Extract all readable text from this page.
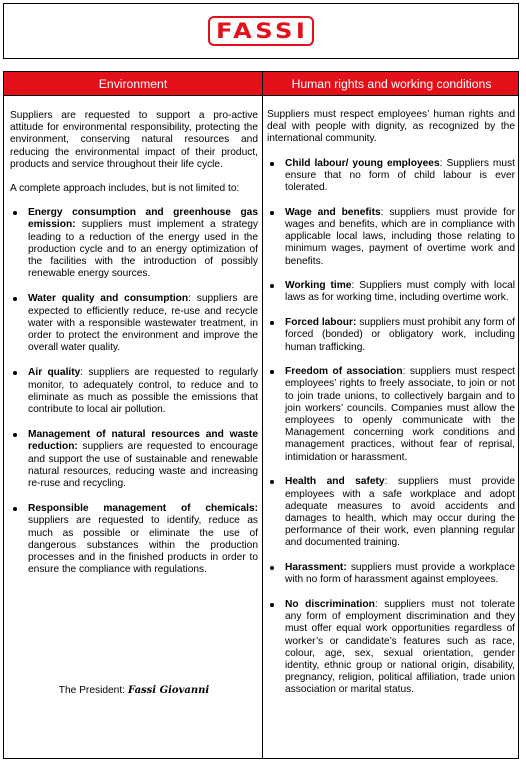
FASSI
Environment	Human rights and working conditions

Suppliers are requested to support a pro-active attitude for environmental responsibility, protecting the environment, conserving natural resources and reducing the environmental impact of their product, products and service throughout their life cycle.

A complete approach includes, but is not limited to:

Energy consumption and greenhouse gas emission: suppliers must implement a strategy leading to a reduction of the energy used in the production cycle and to an energy optimization of the facilities with the introduction of possibly renewable energy sources.
Water quality and consumption: suppliers are expected to efficiently reduce, re-use and recycle water with a responsible wastewater treatment, in order to protect the environment and improve the overall water quality.
Air quality: suppliers are requested to regularly monitor, to adequately control, to reduce and to eliminate as much as possible the emissions that contribute to local air pollution.
Management of natural resources and waste reduction: suppliers are requested to encourage and support the use of sustainable and renewable natural resources, reducing waste and increasing re-ruse and recycling.
Responsible management of chemicals: suppliers are requested to identify, reduce as much as possible or eliminate the use of dangerous substances within the production processes and in the finished products in order to ensure the compliance with regulations.
The President: Fassi Giovanni

Suppliers must respect employees’ human rights and deal with people with dignity, as recognized by the international community.

Child labour/ young employees: Suppliers must ensure that no form of child labour is ever tolerated.
Wage and benefits: suppliers must provide for wages and benefits, which are in compliance with applicable local laws, including those relating to minimum wages, payment of overtime work and benefits.
Working time: Suppliers must comply with local laws as for working time, including overtime work.
Forced labour: suppliers must prohibit any form of forced (bonded) or obligatory work, including human trafficking.
Freedom of association: suppliers must respect employees’ rights to freely associate, to join or not to join trade unions, to collectively bargain and to join workers’ councils. Companies must allow the employees to openly communicate with the Management concerning work conditions and management practices, without fear of reprisal, intimidation or harassment.
Health and safety: suppliers must provide employees with a safe workplace and adopt adequate measures to avoid accidents and damages to health, which may occur during the performance of their work, even planning regular and documented training.
Harassment: suppliers must provide a workplace with no form of harassment against employees.
No discrimination: suppliers must not tolerate any form of employment discrimination and they must offer equal work opportunities regardless of worker’s or candidate’s features such as race, colour, age, sex, sexual orientation, gender identity, ethnic group or national origin, disability, pregnancy, religion, political affiliation, trade union association or marital status.
